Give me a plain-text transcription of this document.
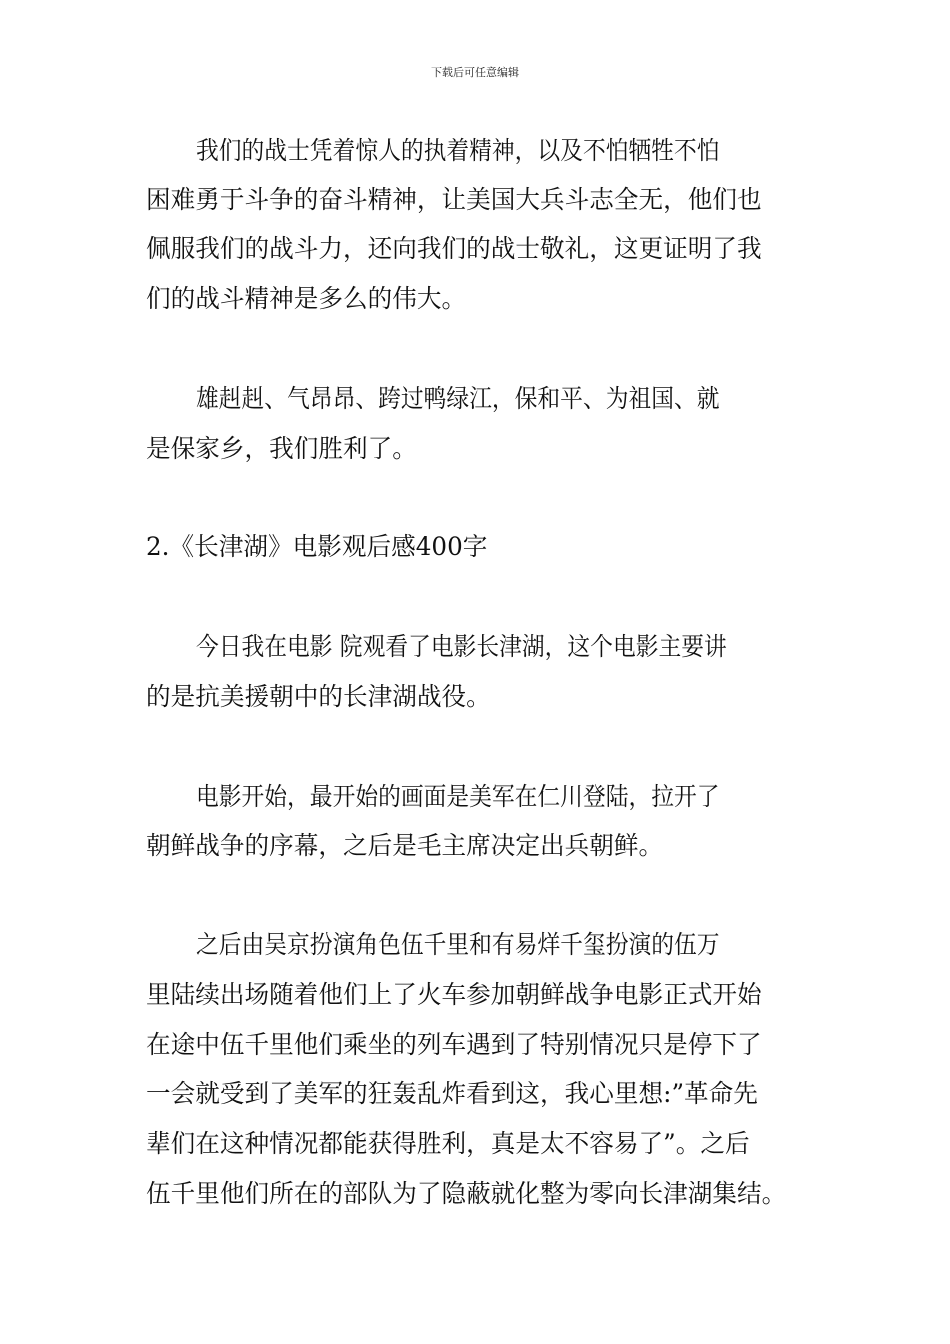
下载后可任意编辑
我们的战士凭着惊人的执着精神，以及不怕牺牲不怕
困难勇于斗争的奋斗精神，让美国大兵斗志全无，他们也
佩服我们的战斗力，还向我们的战士敬礼，这更证明了我
们的战斗精神是多么的伟大。
雄赳赳、气昂昂、跨过鸭绿江，保和平、为祖国、就
是保家乡，我们胜利了。
2.《长津湖》电影观后感400字
今日我在电影 院观看了电影长津湖，这个电影主要讲
的是抗美援朝中的长津湖战役。
电影开始，最开始的画面是美军在仁川登陆，拉开了
朝鲜战争的序幕，之后是毛主席决定出兵朝鲜。
之后由吴京扮演角色伍千里和有易烊千玺扮演的伍万
里陆续出场随着他们上了火车参加朝鲜战争电影正式开始
在途中伍千里他们乘坐的列车遇到了特别情况只是停下了
一会就受到了美军的狂轰乱炸看到这，我心里想:”革命先
辈们在这种情况都能获得胜利，真是太不容易了”。之后
伍千里他们所在的部队为了隐蔽就化整为零向长津湖集结。
